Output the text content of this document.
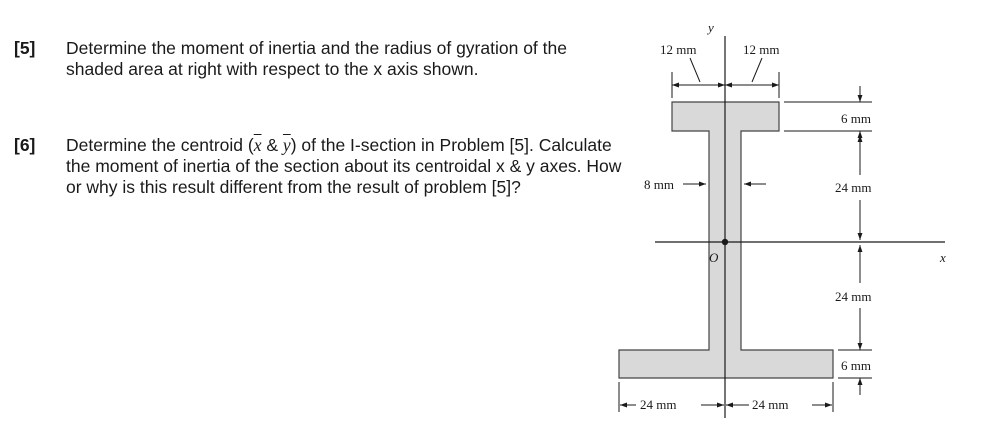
[5] Determine the moment of inertia and the radius of gyration of the shaded area at right with respect to the x axis shown.
[6] Determine the centroid ($\overline{x}$ & $\overline{y}$) of the I-section in Problem [5]. Calculate the moment of inertia of the section about its centroidal x & y axes. How or why is this result different from the result of problem [5]?
y
x
O
12 mm	12 mm
6 mm
24 mm
24 mm
6 mm
8 mm
24 mm	24 mm
